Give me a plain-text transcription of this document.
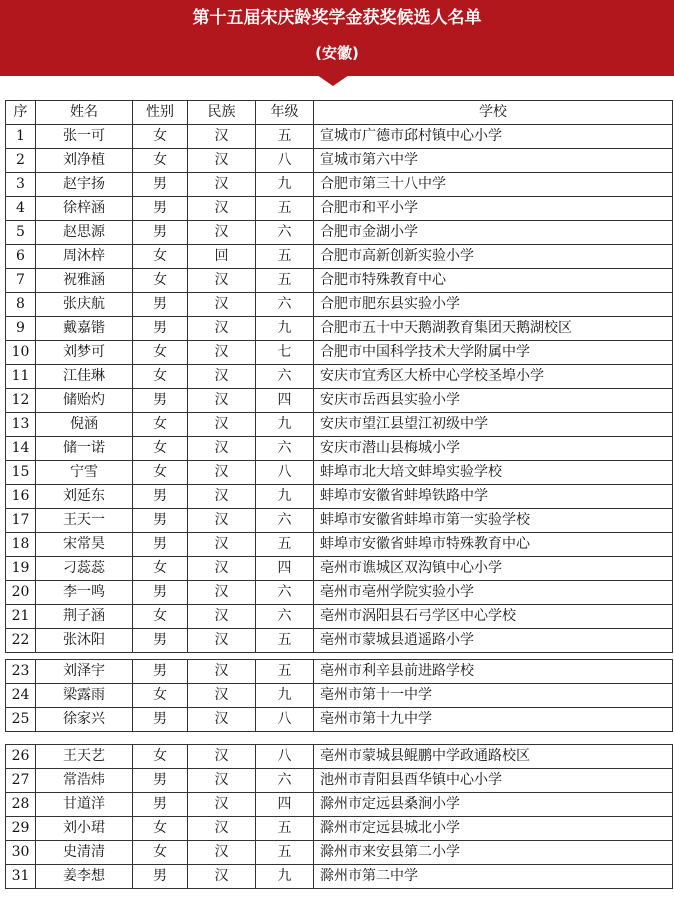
第十五届宋庆龄奖学金获奖候选人名单
(安徽)
序	姓名	性别	民族	年级	学校
1	张一可	女	汉	五	宣城市广德市邱村镇中心小学
2	刘净植	女	汉	八	宣城市第六中学
3	赵宇扬	男	汉	九	合肥市第三十八中学
4	徐梓涵	男	汉	五	合肥市和平小学
5	赵思源	男	汉	六	合肥市金湖小学
6	周沐梓	女	回	五	合肥市高新创新实验小学
7	祝雅涵	女	汉	五	合肥市特殊教育中心
8	张庆航	男	汉	六	合肥市肥东县实验小学
9	戴嘉锴	男	汉	九	合肥市五十中天鹅湖教育集团天鹅湖校区
10	刘梦可	女	汉	七	合肥市中国科学技术大学附属中学
11	江佳琳	女	汉	六	安庆市宜秀区大桥中心学校圣埠小学
12	储贻灼	男	汉	四	安庆市岳西县实验小学
13	倪涵	女	汉	九	安庆市望江县望江初级中学
14	储一诺	女	汉	六	安庆市潜山县梅城小学
15	宁雪	女	汉	八	蚌埠市北大培文蚌埠实验学校
16	刘延东	男	汉	九	蚌埠市安徽省蚌埠铁路中学
17	王天一	男	汉	六	蚌埠市安徽省蚌埠市第一实验学校
18	宋常昊	男	汉	五	蚌埠市安徽省蚌埠市特殊教育中心
19	刁蕊蕊	女	汉	四	亳州市谯城区双沟镇中心小学
20	李一鸣	男	汉	六	亳州市亳州学院实验小学
21	荆子涵	女	汉	六	亳州市涡阳县石弓学区中心学校
22	张沐阳	男	汉	五	亳州市蒙城县逍遥路小学

23	刘泽宇	男	汉	五	亳州市利辛县前进路学校
24	梁露雨	女	汉	九	亳州市第十一中学
25	徐家兴	男	汉	八	亳州市第十九中学

26	王天艺	女	汉	八	亳州市蒙城县鲲鹏中学政通路校区
27	常浩炜	男	汉	六	池州市青阳县酉华镇中心小学
28	甘道洋	男	汉	四	滁州市定远县桑涧小学
29	刘小珺	女	汉	五	滁州市定远县城北小学
30	史清清	女	汉	五	滁州市来安县第二小学
31	姜李想	男	汉	九	滁州市第二中学
